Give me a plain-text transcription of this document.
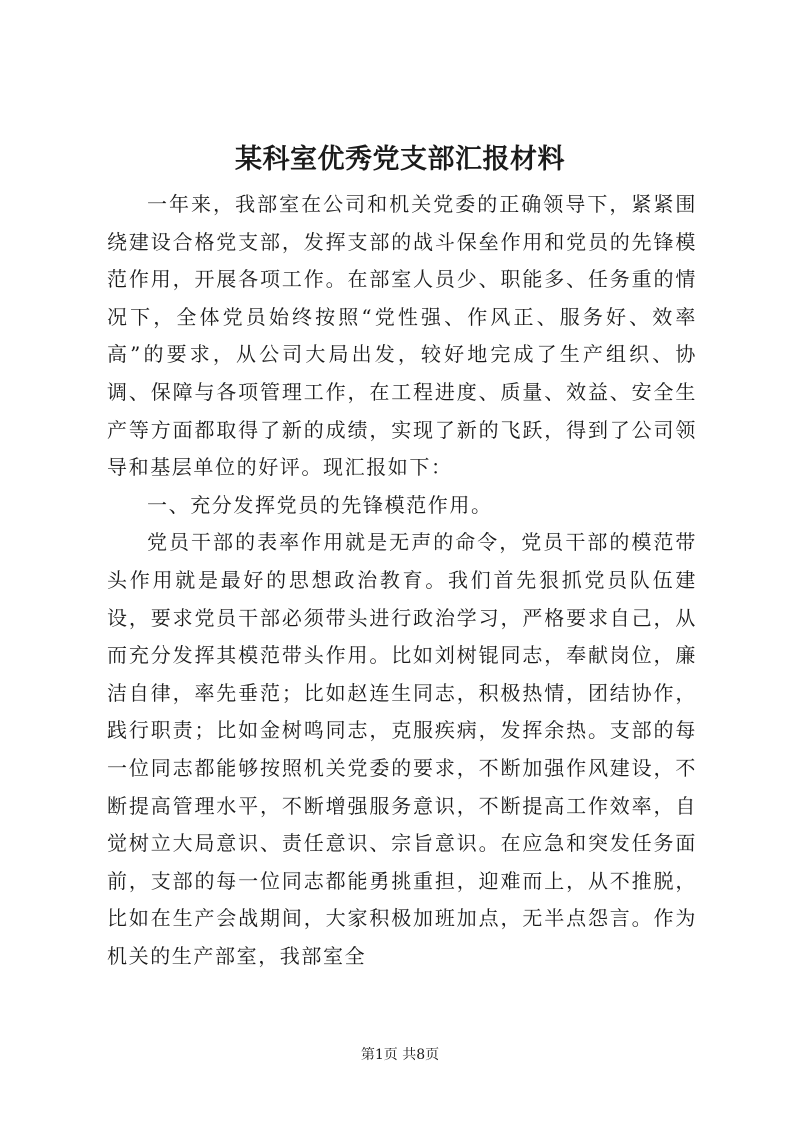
某科室优秀党支部汇报材料

一年来，我部室在公司和机关党委的正确领导下，紧紧围绕建设合格党支部，发挥支部的战斗保垒作用和党员的先锋模范作用，开展各项工作。在部室人员少、职能多、任务重的情况下，全体党员始终按照“党性强、作风正、服务好、效率高”的要求，从公司大局出发，较好地完成了生产组织、协调、保障与各项管理工作，在工程进度、质量、效益、安全生产等方面都取得了新的成绩，实现了新的飞跃，得到了公司领导和基层单位的好评。现汇报如下：

一、充分发挥党员的先锋模范作用。

党员干部的表率作用就是无声的命令，党员干部的模范带头作用就是最好的思想政治教育。我们首先狠抓党员队伍建设，要求党员干部必须带头进行政治学习，严格要求自己，从而充分发挥其模范带头作用。比如刘树锟同志，奉献岗位，廉洁自律，率先垂范；比如赵连生同志，积极热情，团结协作，践行职责；比如金树鸣同志，克服疾病，发挥余热。支部的每一位同志都能够按照机关党委的要求，不断加强作风建设，不断提高管理水平，不断增强服务意识，不断提高工作效率，自觉树立大局意识、责任意识、宗旨意识。在应急和突发任务面前，支部的每一位同志都能勇挑重担，迎难而上，从不推脱，比如在生产会战期间，大家积极加班加点，无半点怨言。作为机关的生产部室，我部室全

第1页 共8页
